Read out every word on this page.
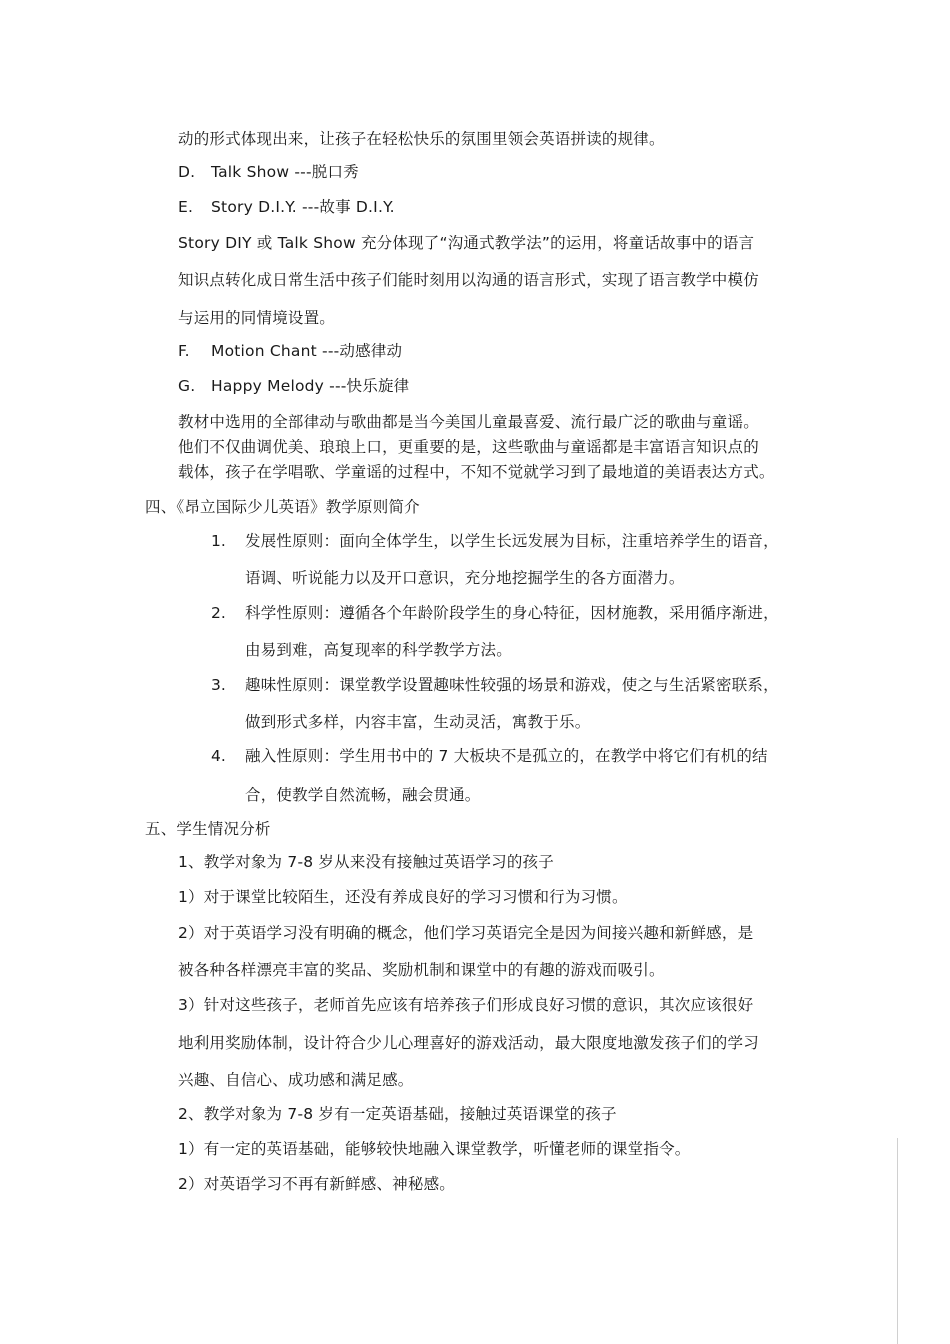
动的形式体现出来，让孩子在轻松快乐的氛围里领会英语拼读的规律。
D. Talk Show ---脱口秀
E. Story D.I.Y. ---故事 D.I.Y.
Story DIY 或 Talk Show 充分体现了“沟通式教学法”的运用，将童话故事中的语言
知识点转化成日常生活中孩子们能时刻用以沟通的语言形式，实现了语言教学中模仿
与运用的同情境设置。
F. Motion Chant ---动感律动
G. Happy Melody ---快乐旋律
教材中选用的全部律动与歌曲都是当今美国儿童最喜爱、流行最广泛的歌曲与童谣。
他们不仅曲调优美、琅琅上口，更重要的是，这些歌曲与童谣都是丰富语言知识点的
载体，孩子在学唱歌、学童谣的过程中，不知不觉就学习到了最地道的美语表达方式。
四、《昂立国际少儿英语》教学原则简介
1. 发展性原则：面向全体学生，以学生长远发展为目标，注重培养学生的语音，
语调、听说能力以及开口意识，充分地挖掘学生的各方面潜力。
2. 科学性原则：遵循各个年龄阶段学生的身心特征，因材施教，采用循序渐进，
由易到难，高复现率的科学教学方法。
3. 趣味性原则：课堂教学设置趣味性较强的场景和游戏，使之与生活紧密联系，
做到形式多样，内容丰富，生动灵活，寓教于乐。
4. 融入性原则：学生用书中的 7 大板块不是孤立的，在教学中将它们有机的结
合，使教学自然流畅，融会贯通。
五、学生情况分析
1、教学对象为 7-8 岁从来没有接触过英语学习的孩子
1）对于课堂比较陌生，还没有养成良好的学习习惯和行为习惯。
2）对于英语学习没有明确的概念，他们学习英语完全是因为间接兴趣和新鲜感，是
被各种各样漂亮丰富的奖品、奖励机制和课堂中的有趣的游戏而吸引。
3）针对这些孩子，老师首先应该有培养孩子们形成良好习惯的意识，其次应该很好
地利用奖励体制，设计符合少儿心理喜好的游戏活动，最大限度地激发孩子们的学习
兴趣、自信心、成功感和满足感。
2、教学对象为 7-8 岁有一定英语基础，接触过英语课堂的孩子
1）有一定的英语基础，能够较快地融入课堂教学，听懂老师的课堂指令。
2）对英语学习不再有新鲜感、神秘感。
